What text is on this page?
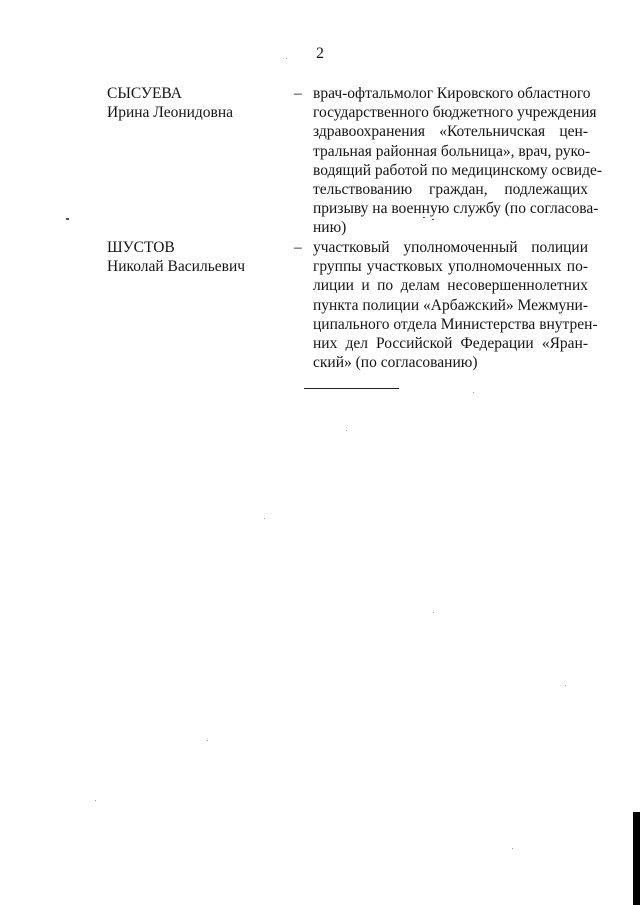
2
СЫСУЕВА
Ирина Леонидовна
– врач-офтальмолог Кировского областного
государственного бюджетного учреждения
здравоохранения «Котельничская цен-
тральная районная больница», врач, руко-
водящий работой по медицинскому освиде-
тельствованию граждан, подлежащих
призыву на военную службу (по согласова-
нию)
ШУСТОВ
Николай Васильевич
– участковый уполномоченный полиции
группы участковых уполномоченных по-
лиции и по делам несовершеннолетних
пункта полиции «Арбажский» Межмуни-
ципального отдела Министерства внутрен-
них дел Российской Федерации «Яран-
ский» (по согласованию)
